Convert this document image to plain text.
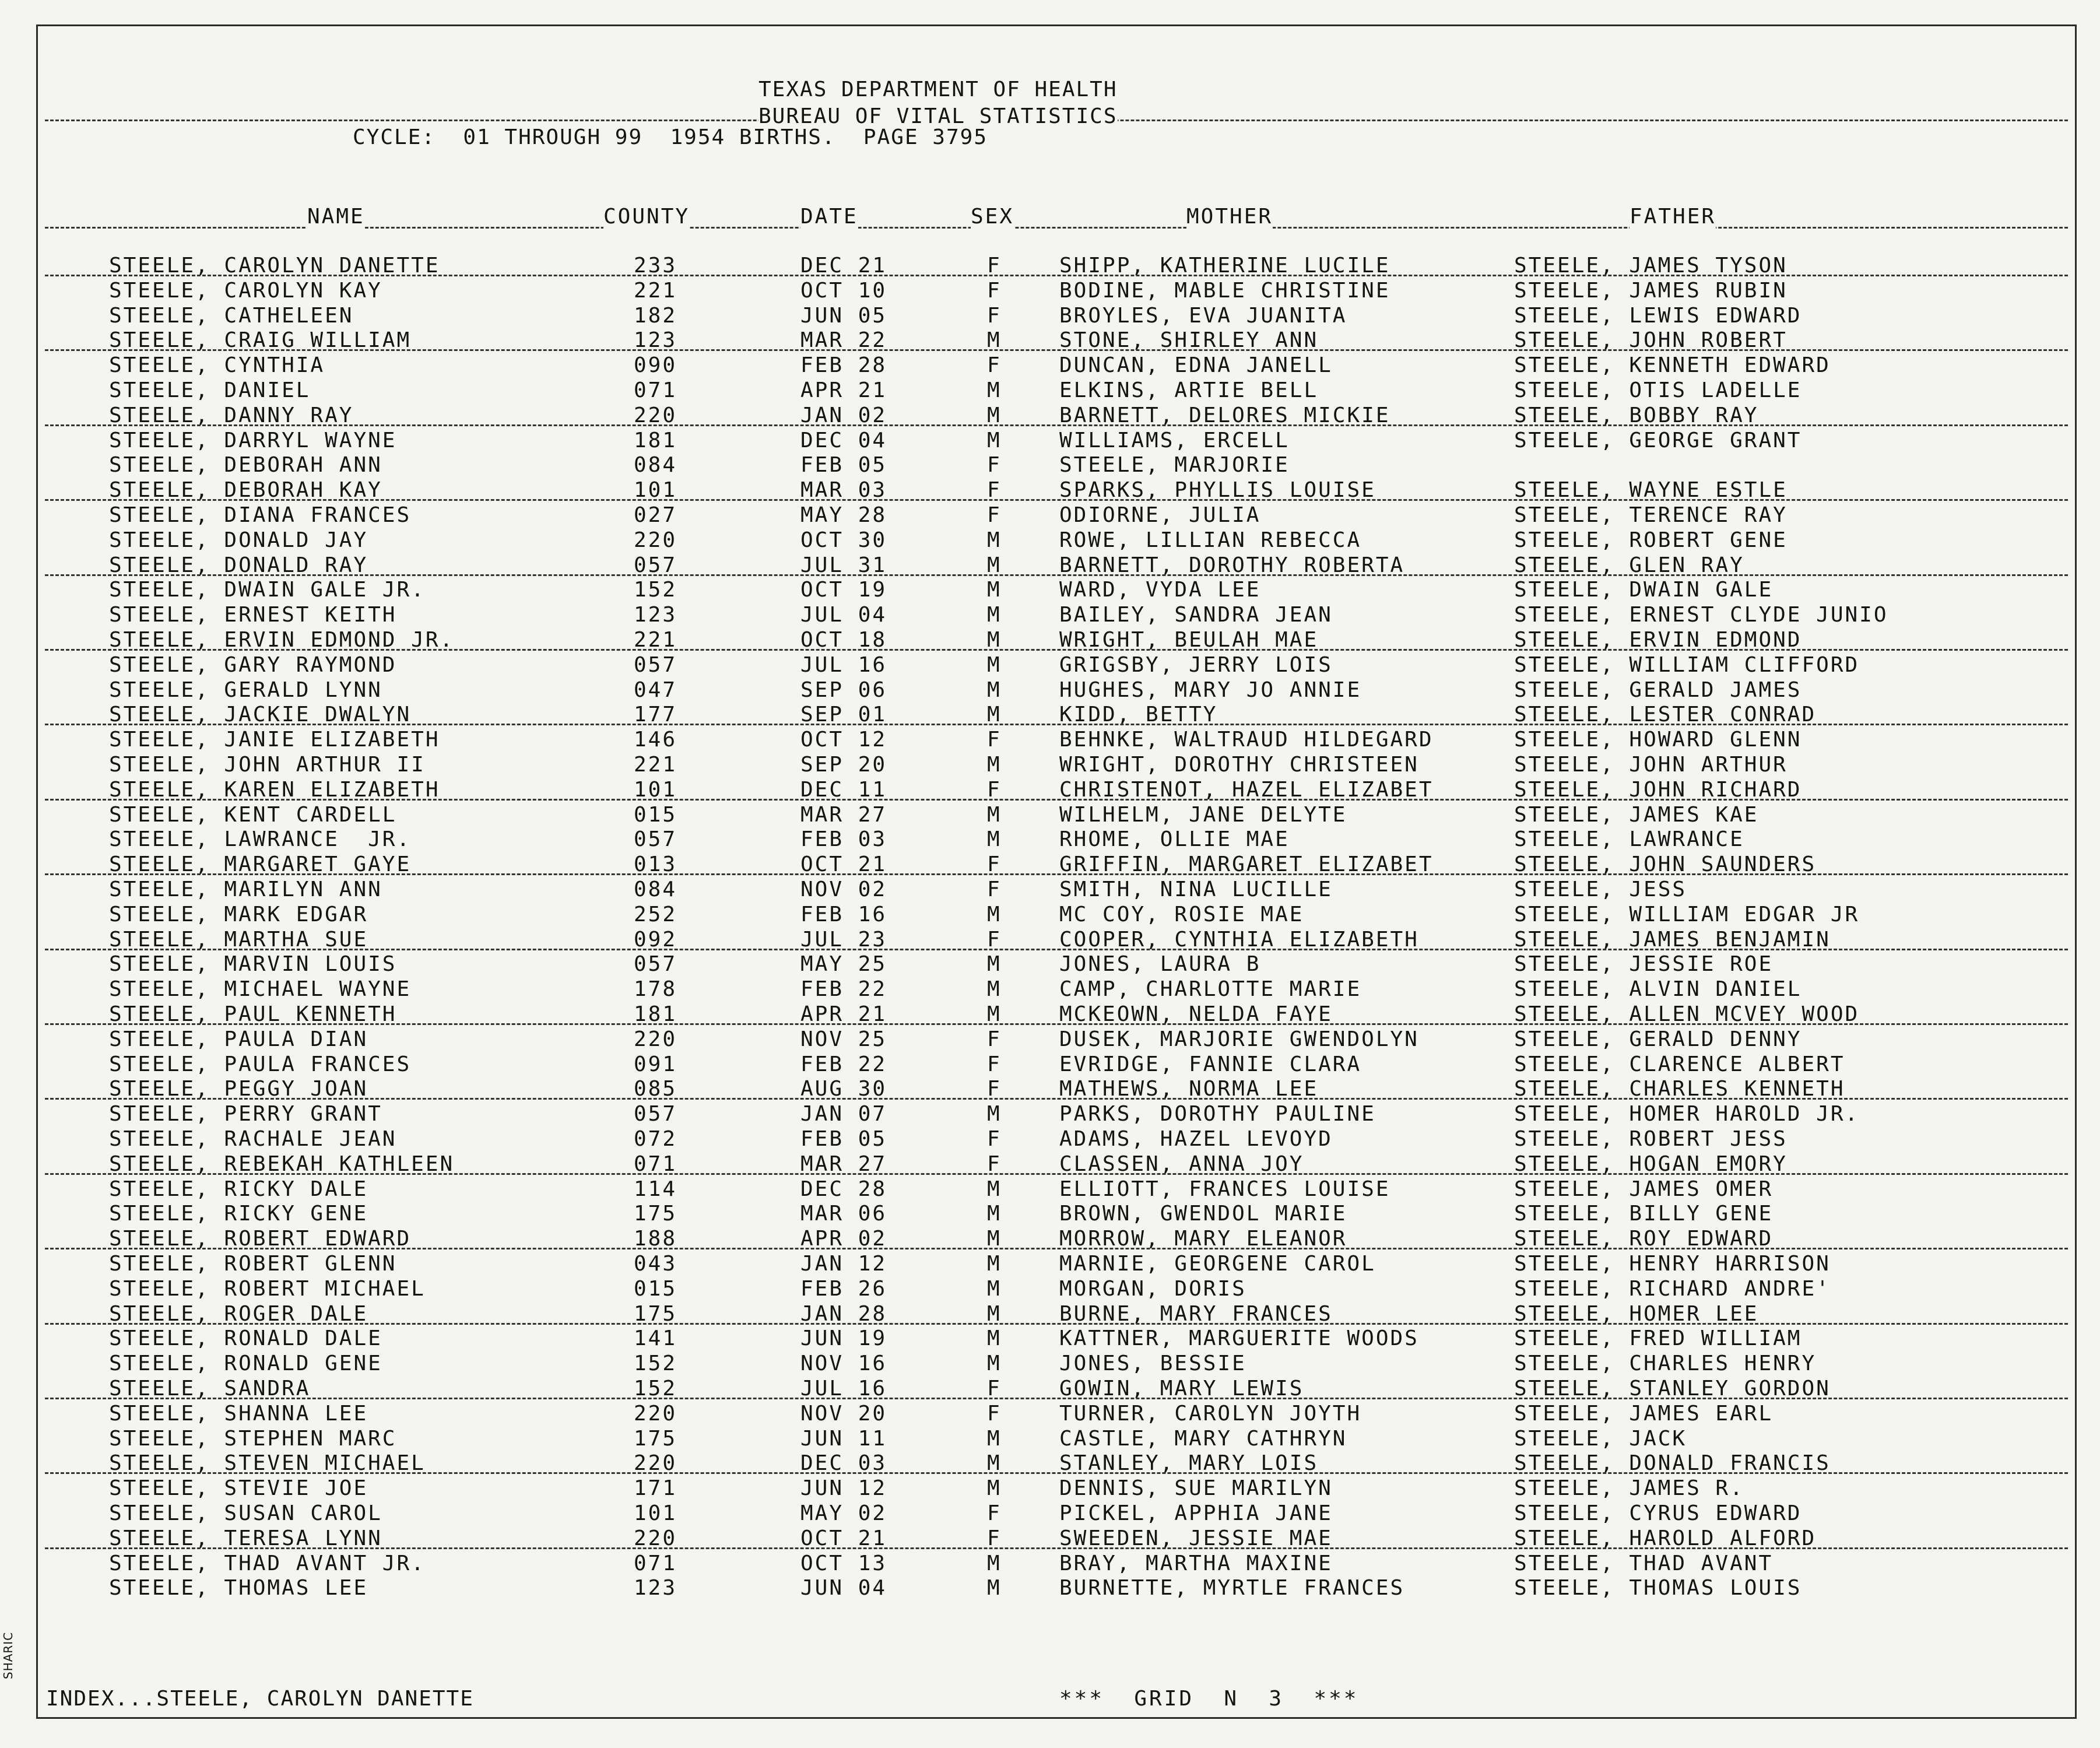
TEXAS DEPARTMENT OF HEALTH
BUREAU OF VITAL STATISTICS
CYCLE:  01 THROUGH 99  1954 BIRTHS.  PAGE 3795
NAME	COUNTY	DATE	SEX	MOTHER	FATHER
STEELE, CAROLYN DANETTE	233	DEC 21	F	SHIPP, KATHERINE LUCILE	STEELE, JAMES TYSON
STEELE, CAROLYN KAY	221	OCT 10	F	BODINE, MABLE CHRISTINE	STEELE, JAMES RUBIN
STEELE, CATHELEEN	182	JUN 05	F	BROYLES, EVA JUANITA	STEELE, LEWIS EDWARD
STEELE, CRAIG WILLIAM	123	MAR 22	M	STONE, SHIRLEY ANN	STEELE, JOHN ROBERT
STEELE, CYNTHIA	090	FEB 28	F	DUNCAN, EDNA JANELL	STEELE, KENNETH EDWARD
STEELE, DANIEL	071	APR 21	M	ELKINS, ARTIE BELL	STEELE, OTIS LADELLE
STEELE, DANNY RAY	220	JAN 02	M	BARNETT, DELORES MICKIE	STEELE, BOBBY RAY
STEELE, DARRYL WAYNE	181	DEC 04	M	WILLIAMS, ERCELL	STEELE, GEORGE GRANT
STEELE, DEBORAH ANN	084	FEB 05	F	STEELE, MARJORIE
STEELE, DEBORAH KAY	101	MAR 03	F	SPARKS, PHYLLIS LOUISE	STEELE, WAYNE ESTLE
STEELE, DIANA FRANCES	027	MAY 28	F	ODIORNE, JULIA	STEELE, TERENCE RAY
STEELE, DONALD JAY	220	OCT 30	M	ROWE, LILLIAN REBECCA	STEELE, ROBERT GENE
STEELE, DONALD RAY	057	JUL 31	M	BARNETT, DOROTHY ROBERTA	STEELE, GLEN RAY
STEELE, DWAIN GALE JR.	152	OCT 19	M	WARD, VYDA LEE	STEELE, DWAIN GALE
STEELE, ERNEST KEITH	123	JUL 04	M	BAILEY, SANDRA JEAN	STEELE, ERNEST CLYDE JUNIO
STEELE, ERVIN EDMOND JR.	221	OCT 18	M	WRIGHT, BEULAH MAE	STEELE, ERVIN EDMOND
STEELE, GARY RAYMOND	057	JUL 16	M	GRIGSBY, JERRY LOIS	STEELE, WILLIAM CLIFFORD
STEELE, GERALD LYNN	047	SEP 06	M	HUGHES, MARY JO ANNIE	STEELE, GERALD JAMES
STEELE, JACKIE DWALYN	177	SEP 01	M	KIDD, BETTY	STEELE, LESTER CONRAD
STEELE, JANIE ELIZABETH	146	OCT 12	F	BEHNKE, WALTRAUD HILDEGARD	STEELE, HOWARD GLENN
STEELE, JOHN ARTHUR II	221	SEP 20	M	WRIGHT, DOROTHY CHRISTEEN	STEELE, JOHN ARTHUR
STEELE, KAREN ELIZABETH	101	DEC 11	F	CHRISTENOT, HAZEL ELIZABET	STEELE, JOHN RICHARD
STEELE, KENT CARDELL	015	MAR 27	M	WILHELM, JANE DELYTE	STEELE, JAMES KAE
STEELE, LAWRANCE  JR.	057	FEB 03	M	RHOME, OLLIE MAE	STEELE, LAWRANCE
STEELE, MARGARET GAYE	013	OCT 21	F	GRIFFIN, MARGARET ELIZABET	STEELE, JOHN SAUNDERS
STEELE, MARILYN ANN	084	NOV 02	F	SMITH, NINA LUCILLE	STEELE, JESS
STEELE, MARK EDGAR	252	FEB 16	M	MC COY, ROSIE MAE	STEELE, WILLIAM EDGAR JR
STEELE, MARTHA SUE	092	JUL 23	F	COOPER, CYNTHIA ELIZABETH	STEELE, JAMES BENJAMIN
STEELE, MARVIN LOUIS	057	MAY 25	M	JONES, LAURA B	STEELE, JESSIE ROE
STEELE, MICHAEL WAYNE	178	FEB 22	M	CAMP, CHARLOTTE MARIE	STEELE, ALVIN DANIEL
STEELE, PAUL KENNETH	181	APR 21	M	MCKEOWN, NELDA FAYE	STEELE, ALLEN MCVEY WOOD
STEELE, PAULA DIAN	220	NOV 25	F	DUSEK, MARJORIE GWENDOLYN	STEELE, GERALD DENNY
STEELE, PAULA FRANCES	091	FEB 22	F	EVRIDGE, FANNIE CLARA	STEELE, CLARENCE ALBERT
STEELE, PEGGY JOAN	085	AUG 30	F	MATHEWS, NORMA LEE	STEELE, CHARLES KENNETH
STEELE, PERRY GRANT	057	JAN 07	M	PARKS, DOROTHY PAULINE	STEELE, HOMER HAROLD JR.
STEELE, RACHALE JEAN	072	FEB 05	F	ADAMS, HAZEL LEVOYD	STEELE, ROBERT JESS
STEELE, REBEKAH KATHLEEN	071	MAR 27	F	CLASSEN, ANNA JOY	STEELE, HOGAN EMORY
STEELE, RICKY DALE	114	DEC 28	M	ELLIOTT, FRANCES LOUISE	STEELE, JAMES OMER
STEELE, RICKY GENE	175	MAR 06	M	BROWN, GWENDOL MARIE	STEELE, BILLY GENE
STEELE, ROBERT EDWARD	188	APR 02	M	MORROW, MARY ELEANOR	STEELE, ROY EDWARD
STEELE, ROBERT GLENN	043	JAN 12	M	MARNIE, GEORGENE CAROL	STEELE, HENRY HARRISON
STEELE, ROBERT MICHAEL	015	FEB 26	M	MORGAN, DORIS	STEELE, RICHARD ANDRE'
STEELE, ROGER DALE	175	JAN 28	M	BURNE, MARY FRANCES	STEELE, HOMER LEE
STEELE, RONALD DALE	141	JUN 19	M	KATTNER, MARGUERITE WOODS	STEELE, FRED WILLIAM
STEELE, RONALD GENE	152	NOV 16	M	JONES, BESSIE	STEELE, CHARLES HENRY
STEELE, SANDRA	152	JUL 16	F	GOWIN, MARY LEWIS	STEELE, STANLEY GORDON
STEELE, SHANNA LEE	220	NOV 20	F	TURNER, CAROLYN JOYTH	STEELE, JAMES EARL
STEELE, STEPHEN MARC	175	JUN 11	M	CASTLE, MARY CATHRYN	STEELE, JACK
STEELE, STEVEN MICHAEL	220	DEC 03	M	STANLEY, MARY LOIS	STEELE, DONALD FRANCIS
STEELE, STEVIE JOE	171	JUN 12	M	DENNIS, SUE MARILYN	STEELE, JAMES R.
STEELE, SUSAN CAROL	101	MAY 02	F	PICKEL, APPHIA JANE	STEELE, CYRUS EDWARD
STEELE, TERESA LYNN	220	OCT 21	F	SWEEDEN, JESSIE MAE	STEELE, HAROLD ALFORD
STEELE, THAD AVANT JR.	071	OCT 13	M	BRAY, MARTHA MAXINE	STEELE, THAD AVANT
STEELE, THOMAS LEE	123	JUN 04	M	BURNETTE, MYRTLE FRANCES	STEELE, THOMAS LOUIS
INDEX...STEELE, CAROLYN DANETTE	***  GRID  N  3  ***
SHARIC
